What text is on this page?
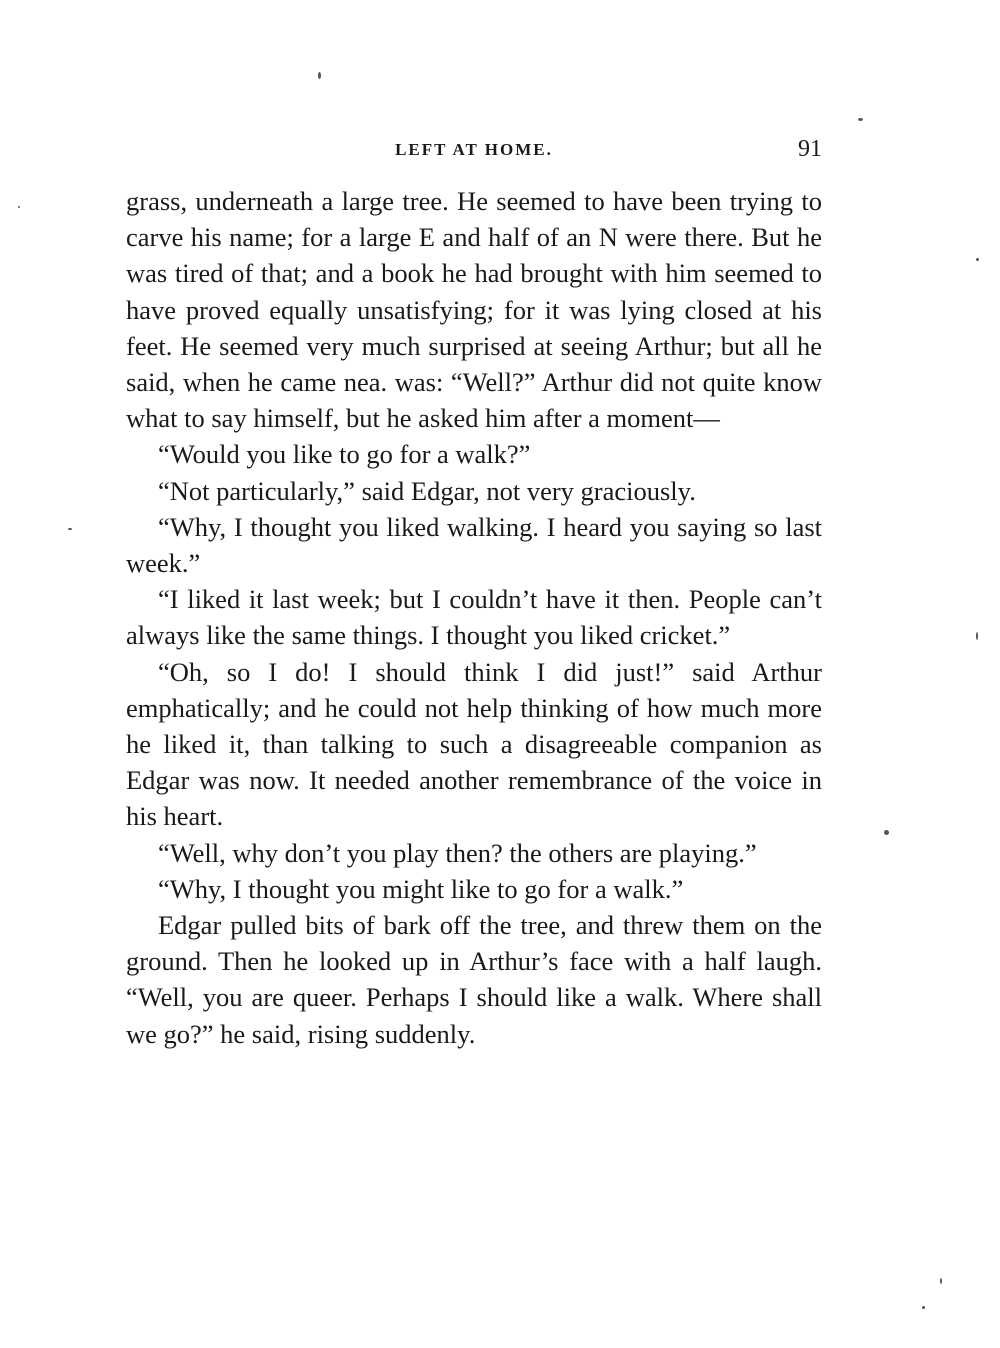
LEFT AT HOME.	91

grass, underneath a large tree. He seemed to have been trying to carve his name; for a large E and half of an N were there. But he was tired of that; and a book he had brought with him seemed to have proved equally unsatisfying; for it was lying closed at his feet. He seemed very much surprised at seeing Arthur; but all he said, when he came nea. was: “Well?” Arthur did not quite know what to say himself, but he asked him after a moment—

“Would you like to go for a walk?”

“Not particularly,” said Edgar, not very graciously.

“Why, I thought you liked walking. I heard you saying so last week.”

“I liked it last week; but I couldn’t have it then. People can’t always like the same things. I thought you liked cricket.”

“Oh, so I do! I should think I did just!” said Arthur emphatically; and he could not help thinking of how much more he liked it, than talking to such a disagreeable companion as Edgar was now. It needed another remembrance of the voice in his heart.

“Well, why don’t you play then? the others are playing.”

“Why, I thought you might like to go for a walk.”

Edgar pulled bits of bark off the tree, and threw them on the ground. Then he looked up in Arthur’s face with a half laugh. “Well, you are queer. Perhaps I should like a walk. Where shall we go?” he said, rising suddenly.
